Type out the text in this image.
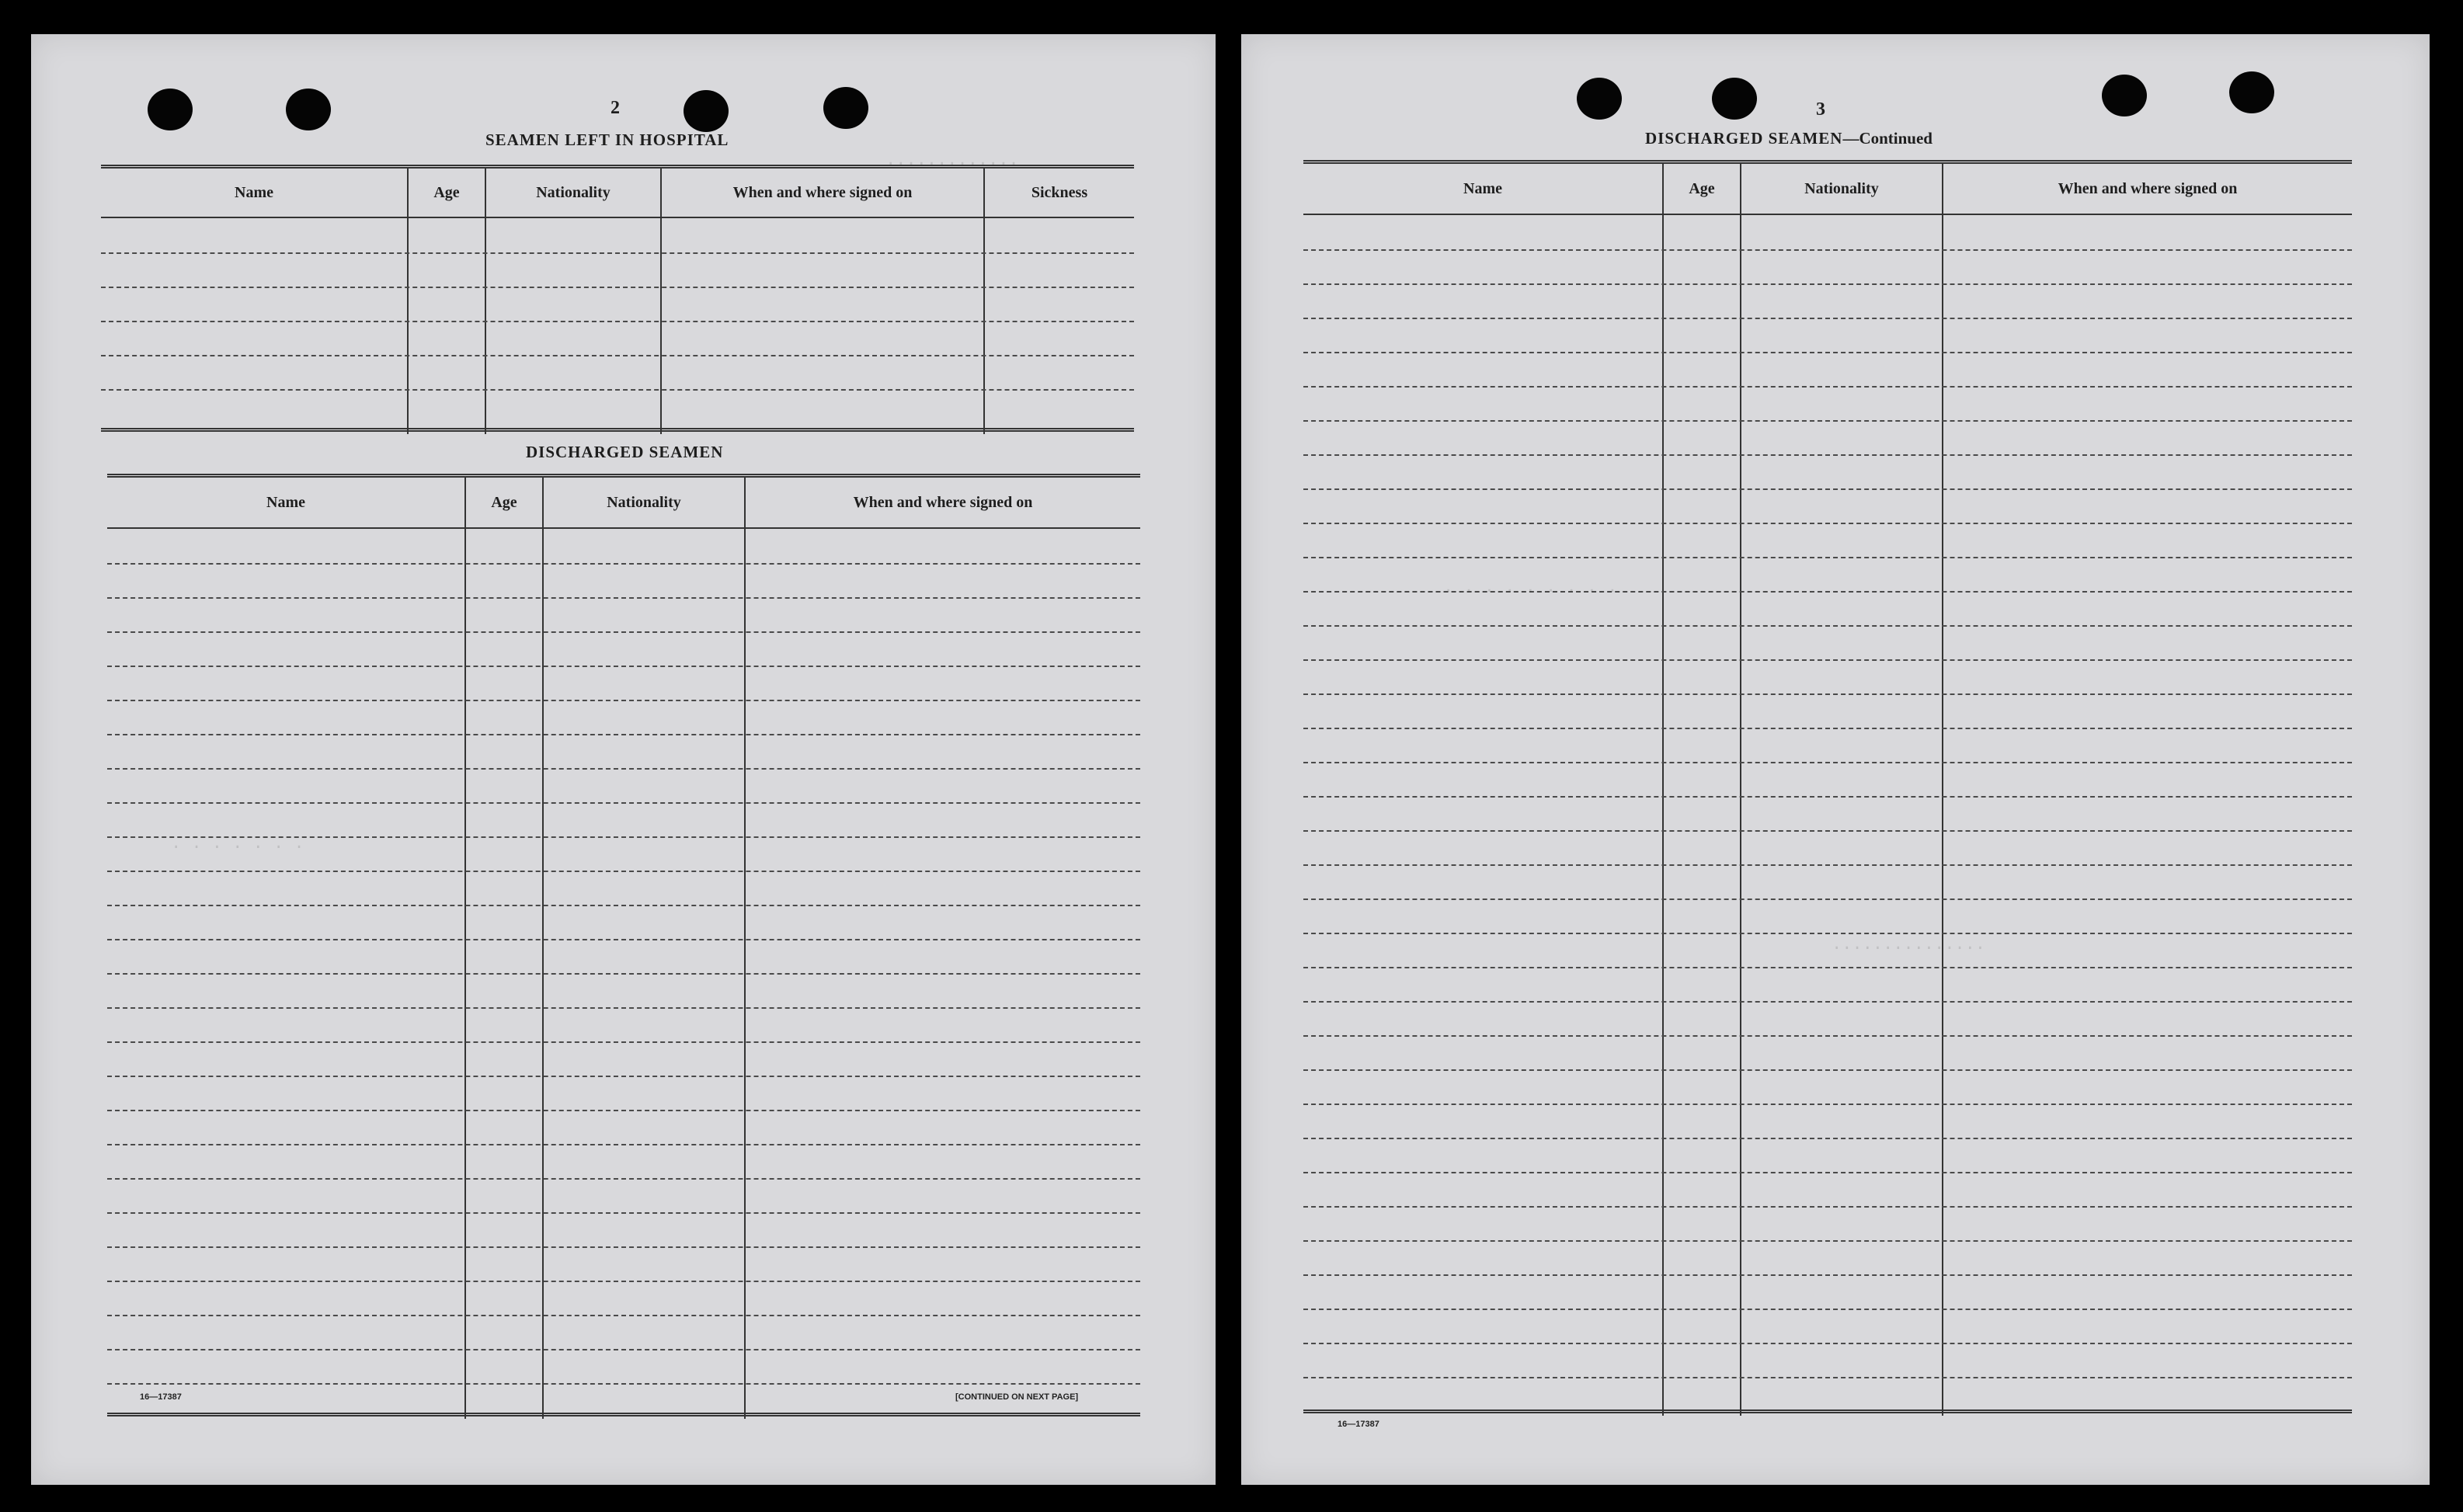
.............
. . . . . . .
2
SEAMEN LEFT IN HOSPITAL
Name	Age	Nationality	When and where signed on	Sickness
DISCHARGED SEAMEN
Name	Age	Nationality	When and where signed on
16—17387	[CONTINUED ON NEXT PAGE]
. . . . . . . . .
...............
3
DISCHARGED SEAMEN—Continued
Name	Age	Nationality	When and where signed on
16—17387
